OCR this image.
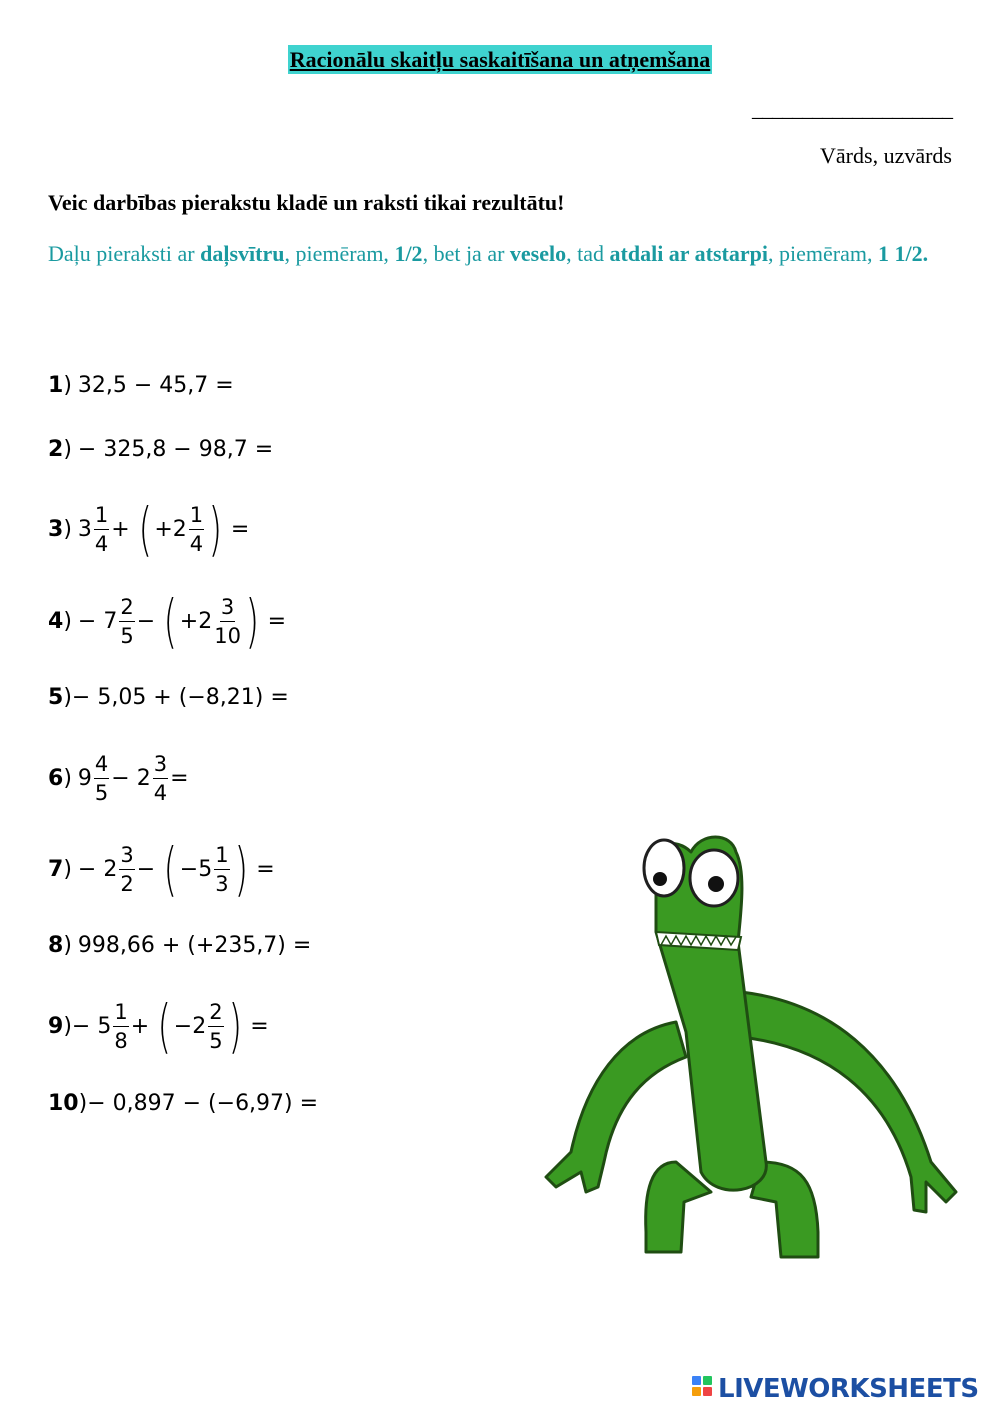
Racionālu skaitļu saskaitīšana un atņemšana
____________________
Vārds, uzvārds
Veic darbības pierakstu kladē un raksti tikai rezultātu!
Daļu pieraksti ar daļsvītru, piemēram, 1/2, bet ja ar veselo, tad atdali ar atstarpi, piemēram, 1 1/2.
1 ) 32,5 − 45,7 =
2 ) − 325,8 − 98,7 =
3 ) $3 \frac{1}{4}$ + ( $+2 \frac{1}{4}$ ) =
4 ) − $7 \frac{2}{5}$ − ( $+2 \frac{3}{10}$ ) =
5 ) − 5,05 + (−8,21) =
6 ) $9 \frac{4}{5} - 2 \frac{3}{4}$ =
7 ) − $2 \frac{3}{2}$ − ( $-5 \frac{1}{3}$ ) =
8 ) 998,66 + (+235,7) =
9 ) − $5 \frac{1}{8}$ + ( $-2 \frac{2}{5}$ ) =
10 ) − 0,897 − (−6,97) =
LIVEWORKSHEETS
